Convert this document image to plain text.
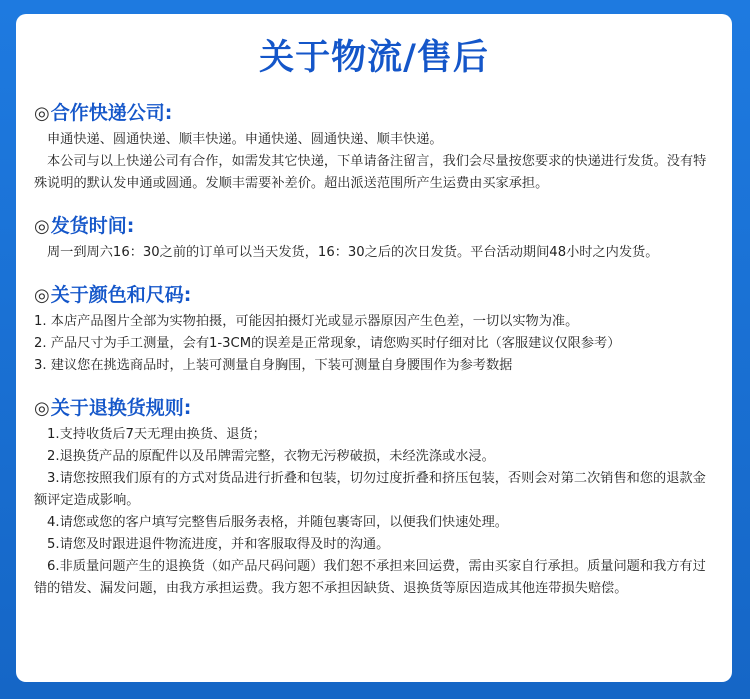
关于物流/售后
◎合作快递公司:
申通快递、圆通快递、顺丰快递。申通快递、圆通快递、顺丰快递。
本公司与以上快递公司有合作，如需发其它快递，下单请备注留言，我们会尽量按您要求的快递进行发货。没有特殊说明的默认发申通或圆通。发顺丰需要补差价。超出派送范围所产生运费由买家承担。
◎发货时间:
周一到周六16：30之前的订单可以当天发货，16：30之后的次日发货。平台活动期间48小时之内发货。
◎关于颜色和尺码:
1. 本店产品图片全部为实物拍摄，可能因拍摄灯光或显示器原因产生色差，一切以实物为准。
2. 产品尺寸为手工测量，会有1-3CM的误差是正常现象，请您购买时仔细对比（客服建议仅限参考）
3. 建议您在挑选商品时，上装可测量自身胸围，下装可测量自身腰围作为参考数据
◎关于退换货规则:
1.支持收货后7天无理由换货、退货；
2.退换货产品的原配件以及吊牌需完整，衣物无污秽破损，未经洗涤或水浸。
3.请您按照我们原有的方式对货品进行折叠和包装，切勿过度折叠和挤压包装，否则会对第二次销售和您的退款金额评定造成影响。
4.请您或您的客户填写完整售后服务表格，并随包裹寄回，以便我们快速处理。
5.请您及时跟进退件物流进度，并和客服取得及时的沟通。
6.非质量问题产生的退换货（如产品尺码问题）我们恕不承担来回运费，需由买家自行承担。质量问题和我方有过错的错发、漏发问题，由我方承担运费。我方恕不承担因缺货、退换货等原因造成其他连带损失赔偿。
